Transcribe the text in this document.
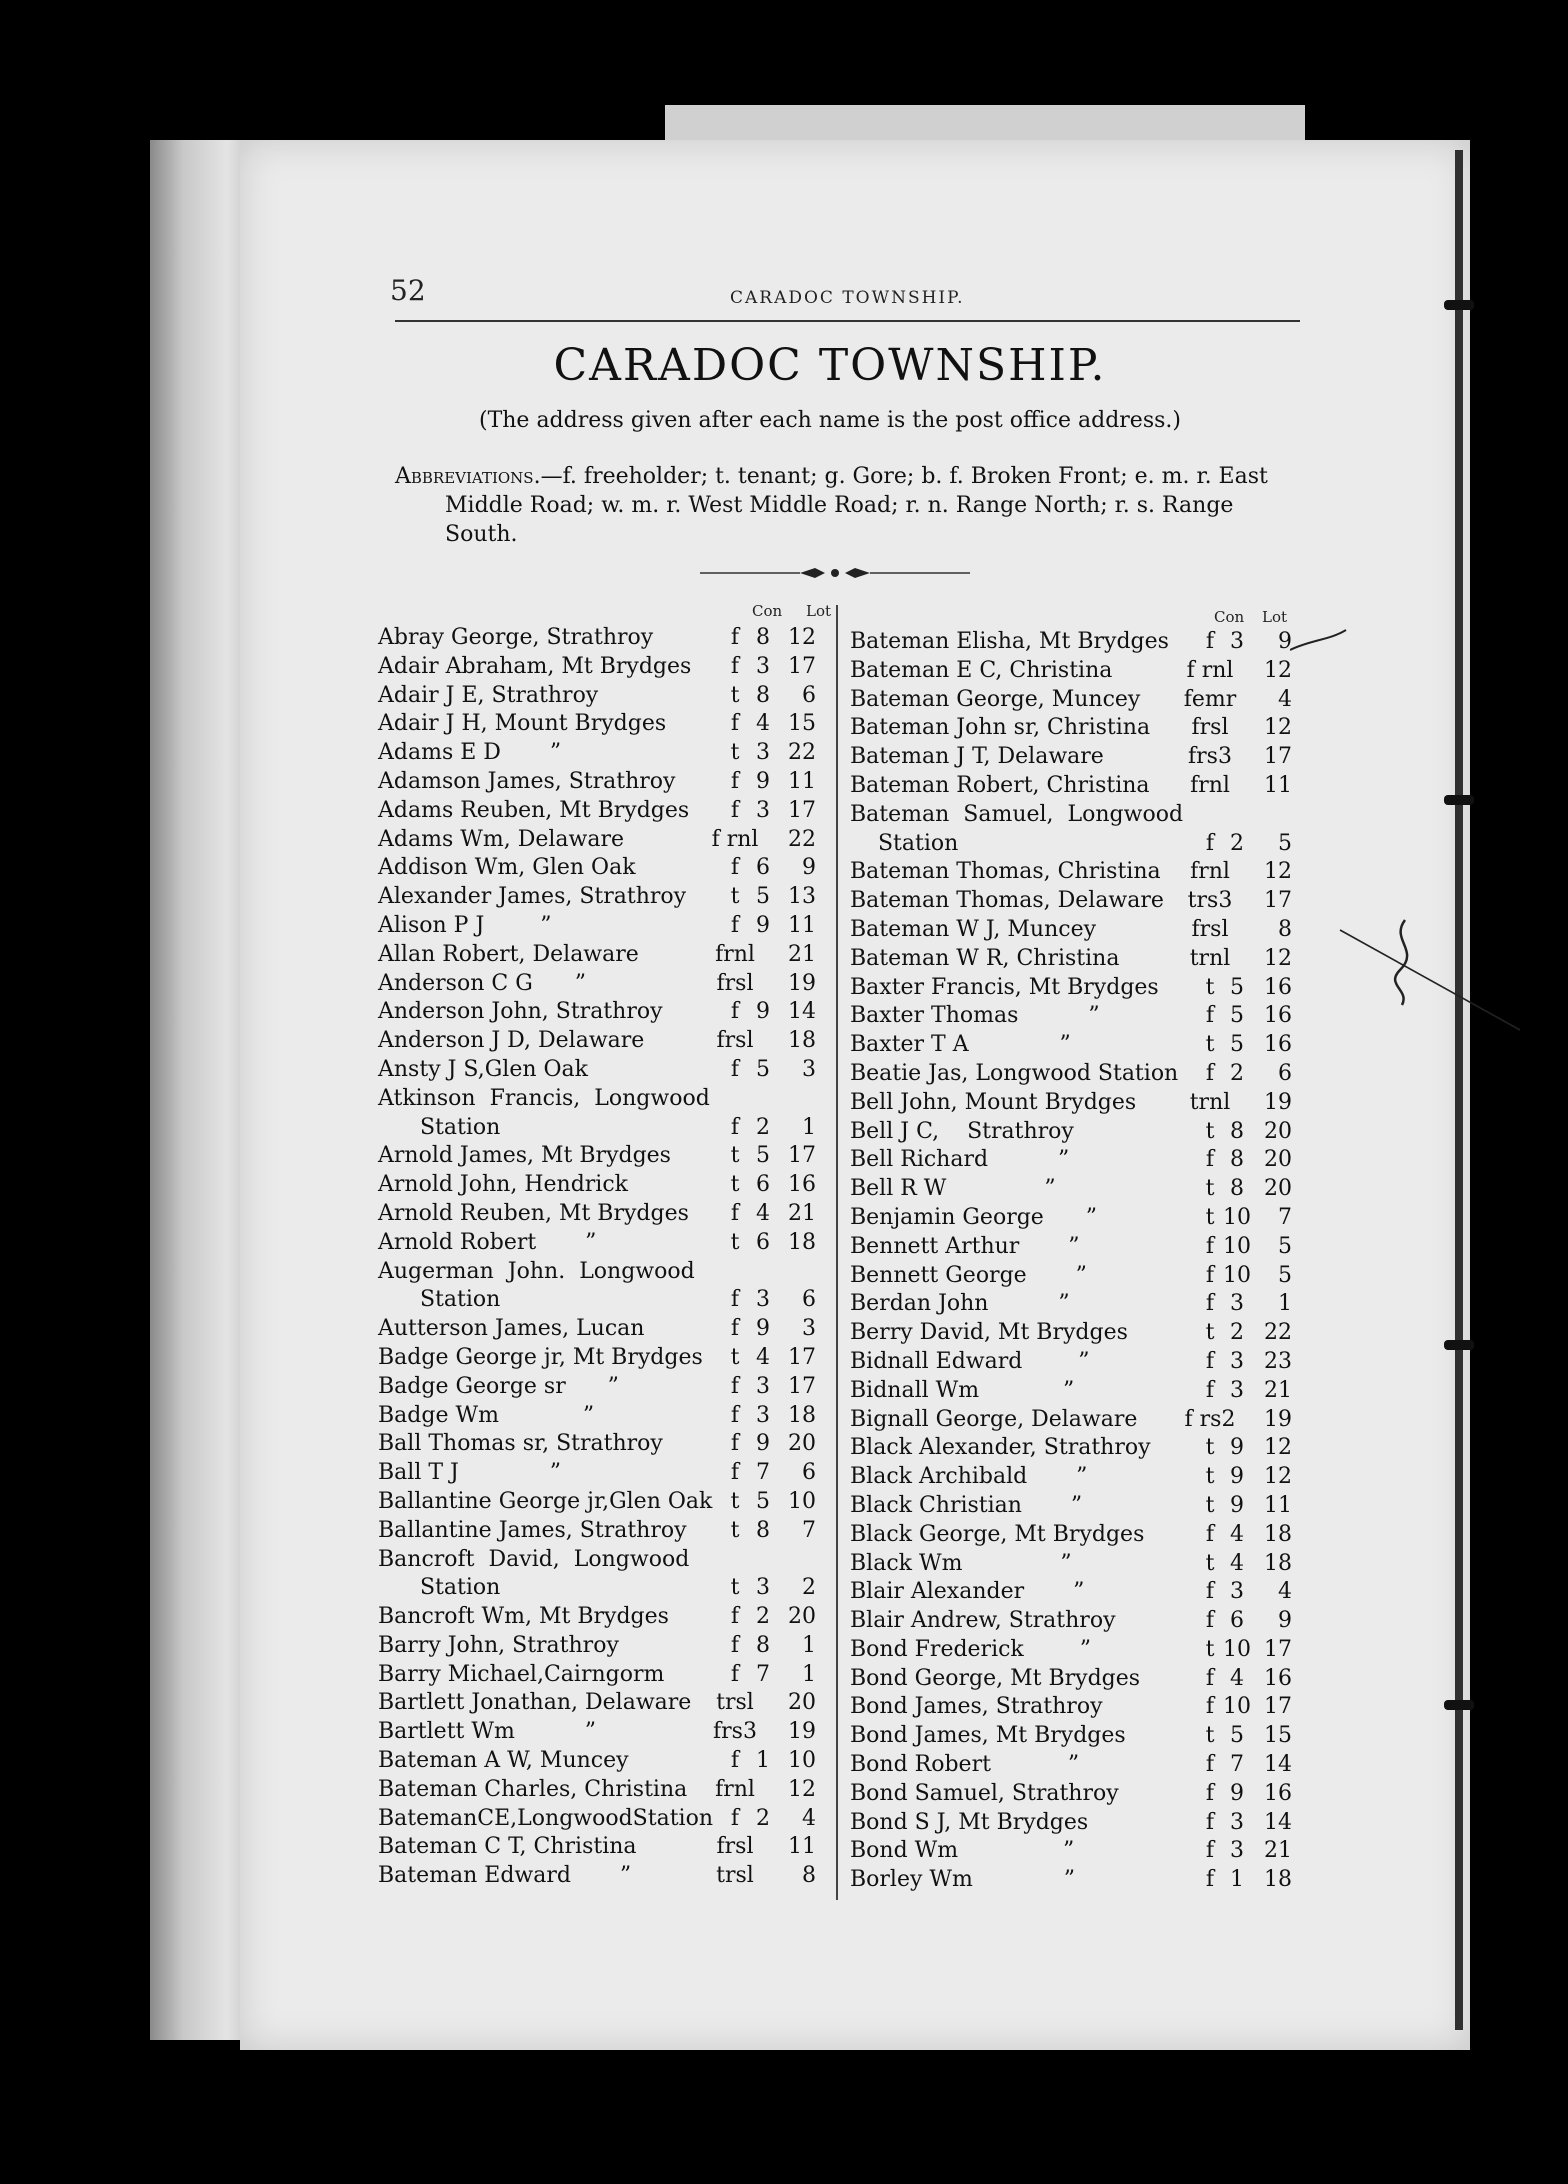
52	CARADOC TOWNSHIP.
CARADOC TOWNSHIP.
(The address given after each name is the post office address.)
Abbreviations.—f. freeholder; t. tenant; g. Gore; b. f. Broken Front; e. m. r. East Middle Road; w. m. r. West Middle Road; r. n. Range North; r. s. Range South.
Con Lot	Con Lot
Abray George, Strathroy	f 8 12
Adair Abraham, Mt Brydges	f 3 17
Adair J E, Strathroy	t 8	6
Adair J H, Mount Brydges	f 4 15
Adams E D       ”	t 3 22
Adamson James, Strathroy	f 9 11
Adams Reuben, Mt Brydges	f 3 17
Adams Wm, Delaware	f rnl	22
Addison Wm, Glen Oak	f 6	9
Alexander James, Strathroy	t 5 13
Alison P J        ”	f 9 11
Allan Robert, Delaware	frnl	21
Anderson C G      ”	frsl	19
Anderson John, Strathroy	f 9 14
Anderson J D, Delaware	frsl	18
Ansty J S,Glen Oak	f 5	3
Atkinson  Francis,  Longwood
Station	f 2	1
Arnold James, Mt Brydges	t 5 17
Arnold John, Hendrick	t 6 16
Arnold Reuben, Mt Brydges	f 4 21
Arnold Robert       ”	t 6 18
Augerman  John.  Longwood
Station	f 3	6
Autterson James, Lucan	f 9	3
Badge George jr, Mt Brydges	t 4 17
Badge George sr      ”	f 3 17
Badge Wm            ”	f 3 18
Ball Thomas sr, Strathroy	f 9 20
Ball T J             ”	f 7	6
Ballantine George jr,Glen Oak t 5 10
Ballantine James, Strathroy	t 8	7
Bancroft  David,  Longwood
Station	t 3	2
Bancroft Wm, Mt Brydges	f 2 20
Barry John, Strathroy	f 8	1
Barry Michael,Cairngorm	f 7	1
Bartlett Jonathan, Delaware	trsl	20
Bartlett Wm          ”	frs3	19
Bateman A W, Muncey	f 1 10
Bateman Charles, Christina	frnl	12
BatemanCE,LongwoodStation f 2	4
Bateman C T, Christina	frsl	11
Bateman Edward       ”	trsl	8
Bateman Elisha, Mt Brydges	f 3	9
Bateman E C, Christina	f rnl	12
Bateman George, Muncey femr	4
Bateman John sr, Christina	frsl	12
Bateman J T, Delaware	frs3	17
Bateman Robert, Christina	frnl	11
Bateman  Samuel,  Longwood
Station	f 2	5
Bateman Thomas, Christina	frnl	12
Bateman Thomas, Delaware	trs3	17
Bateman W J, Muncey	frsl	8
Bateman W R, Christina	trnl	12
Baxter Francis, Mt Brydges	t 5 16
Baxter Thomas          ”	f 5 16
Baxter T A             ”	t 5 16
Beatie Jas, Longwood Station	f 2	6
Bell John, Mount Brydges	trnl	19
Bell J C,    Strathroy	t 8 20
Bell Richard          ”	f 8 20
Bell R W              ”	t 8 20
Benjamin George      ”	t 10	7
Bennett Arthur       ”	f 10	5
Bennett George       ”	f 10	5
Berdan John          ”	f 3	1
Berry David, Mt Brydges	t 2 22
Bidnall Edward        ”	f 3 23
Bidnall Wm            ”	f 3 21
Bignall George, Delaware f rs2	19
Black Alexander, Strathroy	t 9 12
Black Archibald       ”	t 9 12
Black Christian       ”	t 9 11
Black George, Mt Brydges	f 4 18
Black Wm              ”	t 4 18
Blair Alexander       ”	f 3	4
Blair Andrew, Strathroy	f 6	9
Bond Frederick        ”	t 10 17
Bond George, Mt Brydges	f 4 16
Bond James, Strathroy	f 10 17
Bond James, Mt Brydges	t 5 15
Bond Robert           ”	f 7 14
Bond Samuel, Strathroy	f 9 16
Bond S J, Mt Brydges	f 3 14
Bond Wm               ”	f 3 21
Borley Wm             ”	f 1 18
